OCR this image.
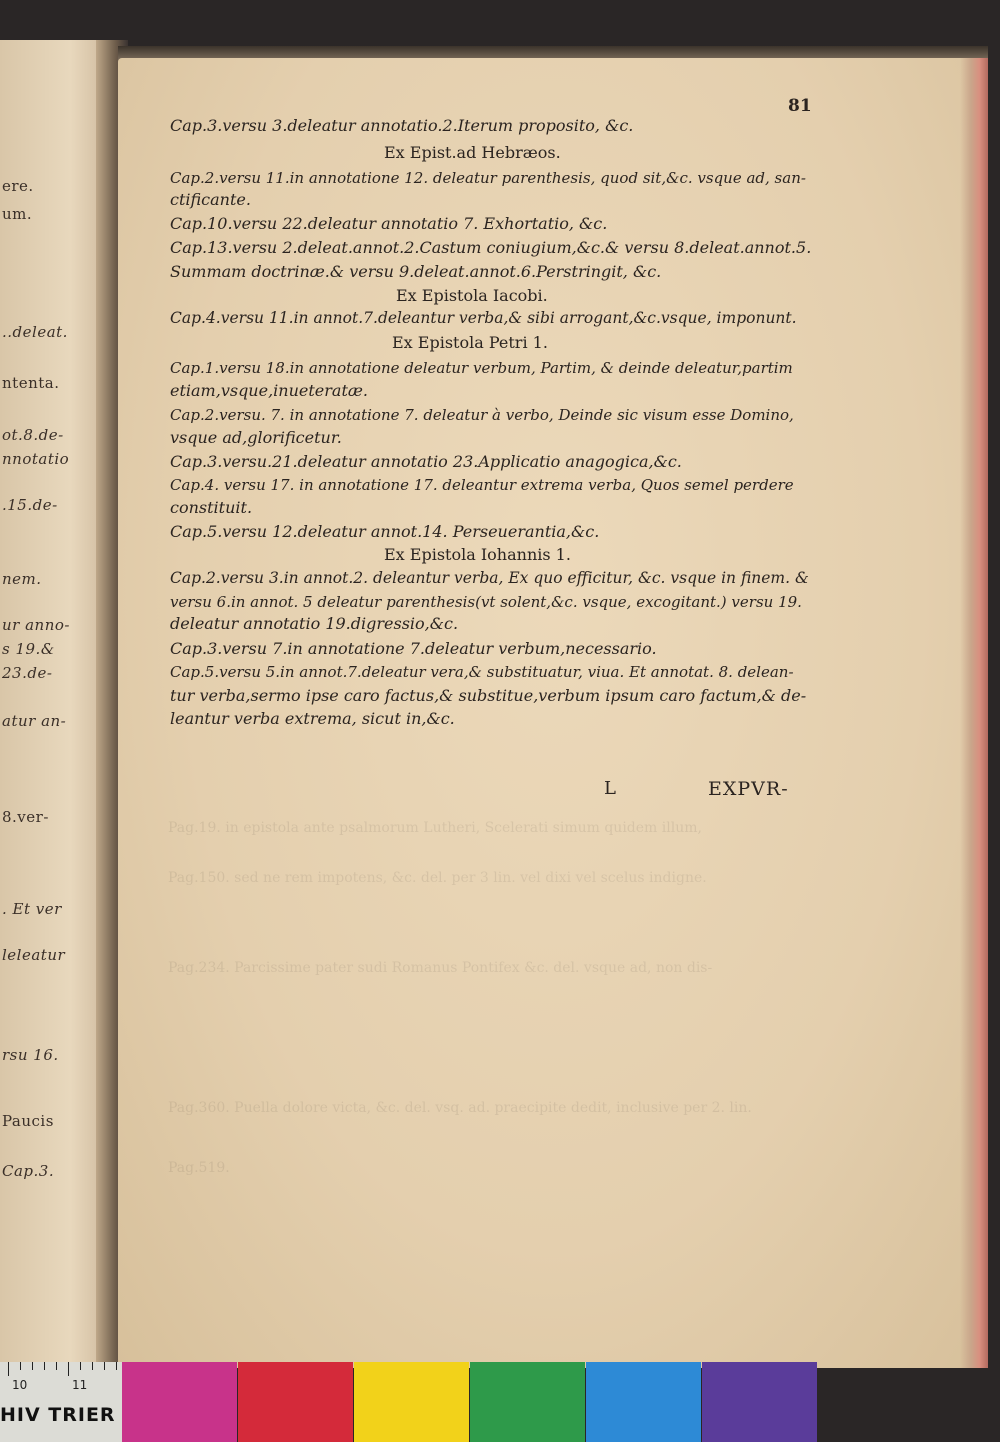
ere.
um.
..deleat.
ntenta.
ot.8.de-
nnotatio
.15.de-
nem.
ur anno-
s 19.&
23.de-
atur an-
8.ver-
. Et ver
leleatur
rsu 16.
Paucis
Cap.3.
81
Cap.3.versu 3.deleatur annotatio.2.Iterum proposito, &c.
Ex Epist.ad Hebræos.
Cap.2.versu 11.in annotatione 12. deleatur parenthesis, quod sit,&c. vsque ad, san-
ctificante.
Cap.10.versu 22.deleatur annotatio 7. Exhortatio, &c.
Cap.13.versu 2.deleat.annot.2.Castum coniugium,&c.& versu 8.deleat.annot.5.
Summam doctrinæ.& versu 9.deleat.annot.6.Perstringit, &c.
Ex Epistola Iacobi.
Cap.4.versu 11.in annot.7.deleantur verba,& sibi arrogant,&c.vsque, imponunt.
Ex Epistola Petri 1.
Cap.1.versu 18.in annotatione deleatur verbum, Partim, & deinde deleatur,partim
etiam,vsque,inueteratæ.
Cap.2.versu. 7. in annotatione 7. deleatur à verbo, Deinde sic visum esse Domino,
vsque ad,glorificetur.
Cap.3.versu.21.deleatur annotatio 23.Applicatio anagogica,&c.
Cap.4. versu 17. in annotatione 17. deleantur extrema verba, Quos semel perdere
constituit.
Cap.5.versu 12.deleatur annot.14. Perseuerantia,&c.
Ex Epistola Iohannis 1.
Cap.2.versu 3.in annot.2. deleantur verba, Ex quo efficitur, &c. vsque in finem. &
versu 6.in annot. 5 deleatur parenthesis(vt solent,&c. vsque, excogitant.) versu 19.
deleatur annotatio 19.digressio,&c.
Cap.3.versu 7.in annotatione 7.deleatur verbum,necessario.
Cap.5.versu 5.in annot.7.deleatur vera,& substituatur, viua. Et annotat. 8. delean-
tur verba,sermo ipse caro factus,& substitue,verbum ipsum caro factum,& de-
leantur verba extrema, sicut in,&c.
L	EXPVR-
Pag.19. in epistola ante psalmorum Lutheri, Scelerati simum quidem illum,
Pag.150. sed ne rem impotens, &c. del. per 3 lin. vel dixi vel scelus indigne.
Pag.234. Parcissime pater sudi Romanus Pontifex &c. del. vsque ad, non dis-
Pag.360. Puella dolore victa, &c. del. vsq. ad. praecipite dedit, inclusive per 2. lin.
Pag.519.
10	11
HIV TRIER
